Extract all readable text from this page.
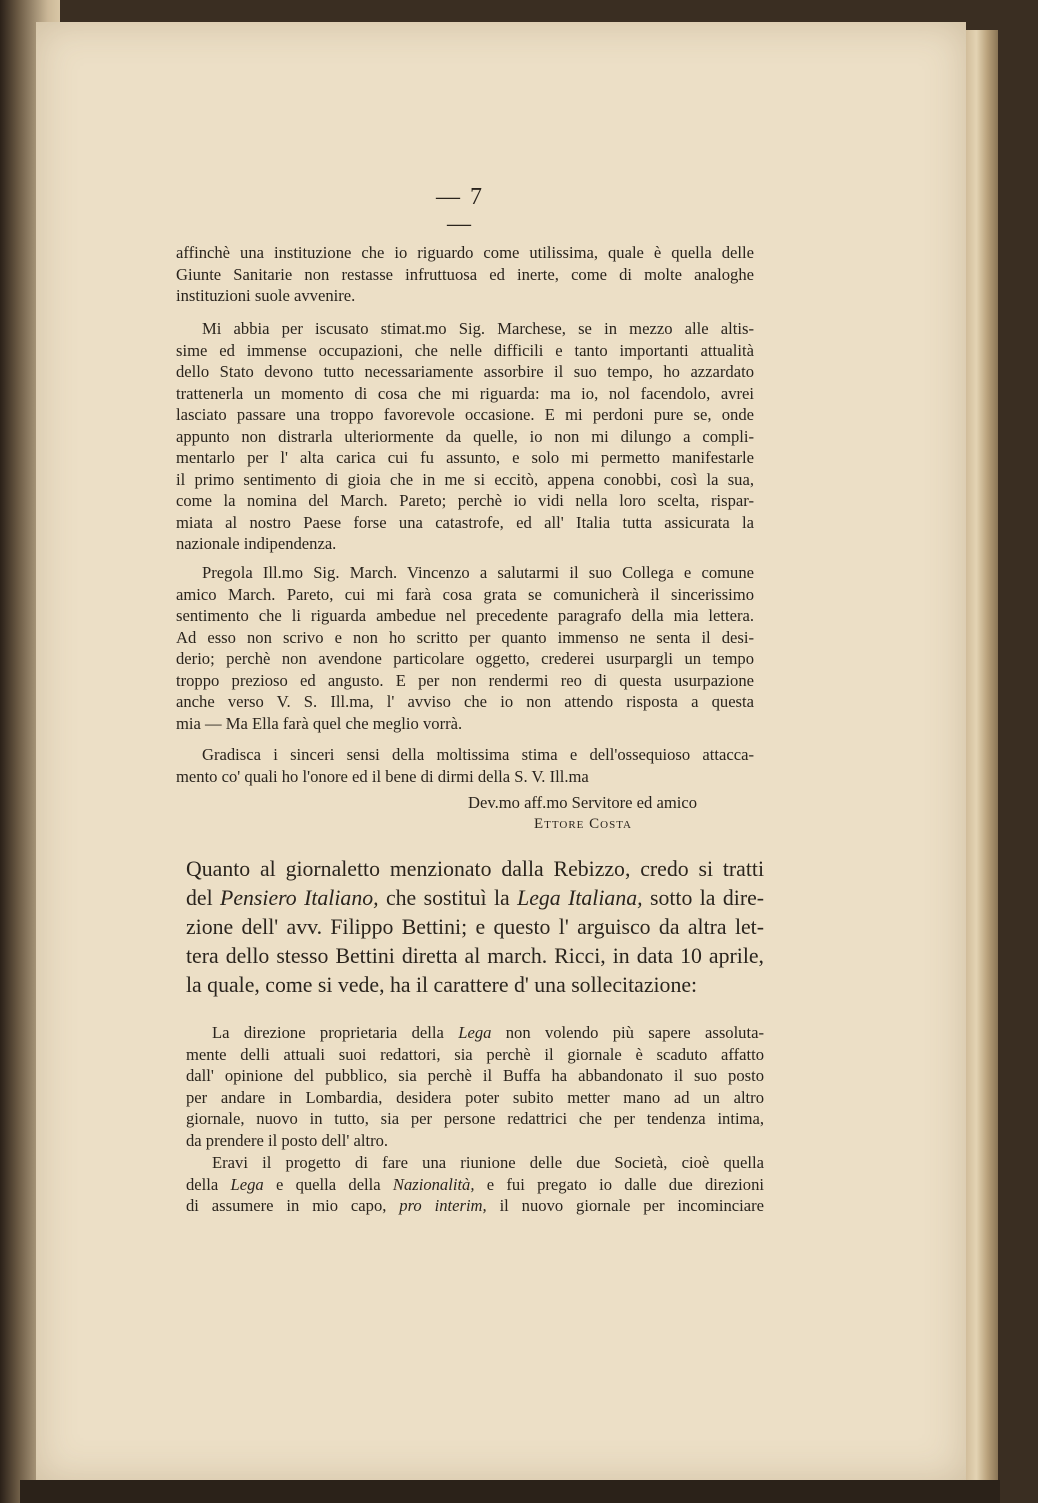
— 7 —
affinchè una instituzione che io riguardo come utilissima, quale è quella delle
Giunte Sanitarie non restasse infruttuosa ed inerte, come di molte analoghe
instituzioni suole avvenire.
Mi abbia per iscusato stimat.mo Sig. Marchese, se in mezzo alle altis-
sime ed immense occupazioni, che nelle difficili e tanto importanti attualità
dello Stato devono tutto necessariamente assorbire il suo tempo, ho azzardato
trattenerla un momento di cosa che mi riguarda: ma io, nol facendolo, avrei
lasciato passare una troppo favorevole occasione. E mi perdoni pure se, onde
appunto non distrarla ulteriormente da quelle, io non mi dilungo a compli-
mentarlo per l' alta carica cui fu assunto, e solo mi permetto manifestarle
il primo sentimento di gioia che in me si eccitò, appena conobbi, così la sua,
come la nomina del March. Pareto; perchè io vidi nella loro scelta, rispar-
miata al nostro Paese forse una catastrofe, ed all' Italia tutta assicurata la
nazionale indipendenza.
Pregola Ill.mo Sig. March. Vincenzo a salutarmi il suo Collega e comune
amico March. Pareto, cui mi farà cosa grata se comunicherà il sincerissimo
sentimento che li riguarda ambedue nel precedente paragrafo della mia lettera.
Ad esso non scrivo e non ho scritto per quanto immenso ne senta il desi-
derio; perchè non avendone particolare oggetto, crederei usurpargli un tempo
troppo prezioso ed angusto. E per non rendermi reo di questa usurpazione
anche verso V. S. Ill.ma, l' avviso che io non attendo risposta a questa
mia — Ma Ella farà quel che meglio vorrà.
Gradisca i sinceri sensi della moltissima stima e dell'ossequioso attacca-
mento co' quali ho l'onore ed il bene di dirmi della S. V. Ill.ma
Dev.mo aff.mo Servitore ed amico
Ettore Costa
Quanto al giornaletto menzionato dalla Rebizzo, credo si tratti
del Pensiero Italiano, che sostituì la Lega Italiana, sotto la dire-
zione dell' avv. Filippo Bettini; e questo l' arguisco da altra let-
tera dello stesso Bettini diretta al march. Ricci, in data 10 aprile,
la quale, come si vede, ha il carattere d' una sollecitazione:
La direzione proprietaria della Lega non volendo più sapere assoluta-
mente delli attuali suoi redattori, sia perchè il giornale è scaduto affatto
dall' opinione del pubblico, sia perchè il Buffa ha abbandonato il suo posto
per andare in Lombardia, desidera poter subito metter mano ad un altro
giornale, nuovo in tutto, sia per persone redattrici che per tendenza intima,
da prendere il posto dell' altro.
Eravi il progetto di fare una riunione delle due Società, cioè quella
della Lega e quella della Nazionalità, e fui pregato io dalle due direzioni
di assumere in mio capo, pro interim, il nuovo giornale per incominciare
